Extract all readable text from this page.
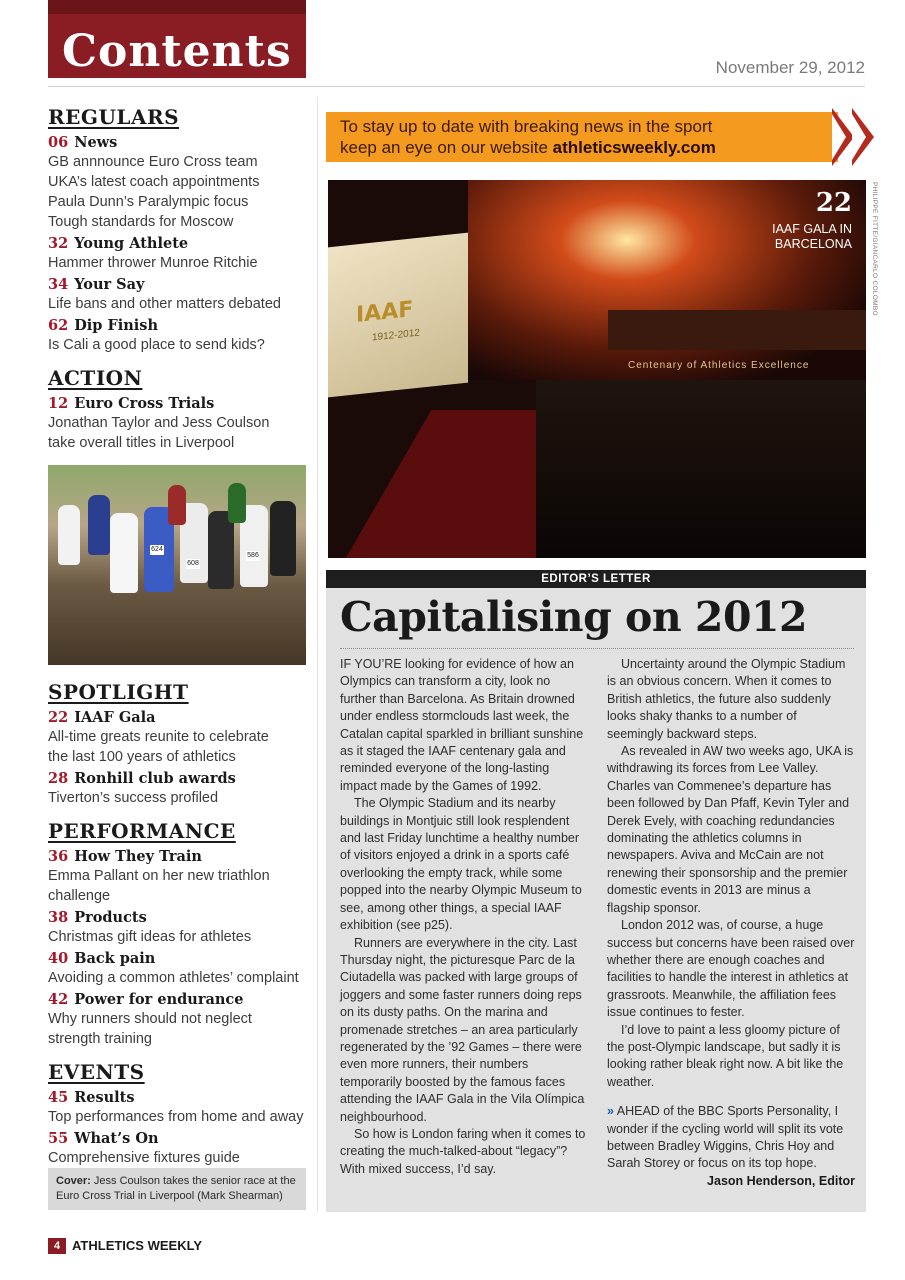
Contents	November 29, 2012
REGULARS
06 News
GB annnounce Euro Cross team
UKA’s latest coach appointments
Paula Dunn’s Paralympic focus
Tough standards for Moscow
32 Young Athlete
Hammer thrower Munroe Ritchie
34 Your Say
Life bans and other matters debated
62 Dip Finish
Is Cali a good place to send kids?
ACTION
12 Euro Cross Trials
Jonathan Taylor and Jess Coulson
take overall titles in Liverpool
624
608
586
SPOTLIGHT
22 IAAF Gala
All-time greats reunite to celebrate
the last 100 years of athletics
28 Ronhill club awards
Tiverton’s success profiled
PERFORMANCE
36 How They Train
Emma Pallant on her new triathlon
challenge
38 Products
Christmas gift ideas for athletes
40 Back pain
Avoiding a common athletes’ complaint
42 Power for endurance
Why runners should not neglect
strength training
EVENTS
45 Results
Top performances from home and away
55 What’s On
Comprehensive fixtures guide
Cover: Jess Coulson takes the senior race at the Euro Cross Trial in Liverpool (Mark Shearman)
4 ATHLETICS WEEKLY
To stay up to date with breaking news in the sport
keep an eye on our website athleticsweekly.com
Centenary of Athletics Excellence
IAAF
1912-2012
22
IAAF GALA IN BARCELONA	PHILIPPE FITTE/GIANCARLO COLOMBO
EDITOR’S LETTER
Capitalising on 2012

IF YOU’RE looking for evidence of how an Olympics can transform a city, look no further than Barcelona. As Britain drowned under endless stormclouds last week, the Catalan capital sparkled in brilliant sunshine as it staged the IAAF centenary gala and reminded everyone of the long-lasting impact made by the Games of 1992.

The Olympic Stadium and its nearby buildings in Montjuic still look resplendent and last Friday lunchtime a healthy number of visitors enjoyed a drink in a sports café overlooking the empty track, while some popped into the nearby Olympic Museum to see, among other things, a special IAAF exhibition (see p25).

Runners are everywhere in the city. Last Thursday night, the picturesque Parc de la Ciutadella was packed with large groups of joggers and some faster runners doing reps on its dusty paths. On the marina and promenade stretches – an area particularly regenerated by the ’92 Games – there were even more runners, their numbers temporarily boosted by the famous faces attending the IAAF Gala in the Vila Olímpica neighbourhood.

So how is London faring when it comes to creating the much-talked-about “legacy”? With mixed success, I’d say.

Uncertainty around the Olympic Stadium is an obvious concern. When it comes to British athletics, the future also suddenly looks shaky thanks to a number of seemingly backward steps.

As revealed in AW two weeks ago, UKA is withdrawing its forces from Lee Valley. Charles van Commenee’s departure has been followed by Dan Pfaff, Kevin Tyler and Derek Evely, with coaching redundancies dominating the athletics columns in newspapers. Aviva and McCain are not renewing their sponsorship and the premier domestic events in 2013 are minus a flagship sponsor.

London 2012 was, of course, a huge success but concerns have been raised over whether there are enough coaches and facilities to handle the interest in athletics at grassroots. Meanwhile, the affiliation fees issue continues to fester.

I’d love to paint a less gloomy picture of the post-Olympic landscape, but sadly it is looking rather bleak right now. A bit like the weather.

» AHEAD of the BBC Sports Personality, I wonder if the cycling world will split its vote between Bradley Wiggins, Chris Hoy and Sarah Storey or focus on its top hope.

Jason Henderson, Editor
